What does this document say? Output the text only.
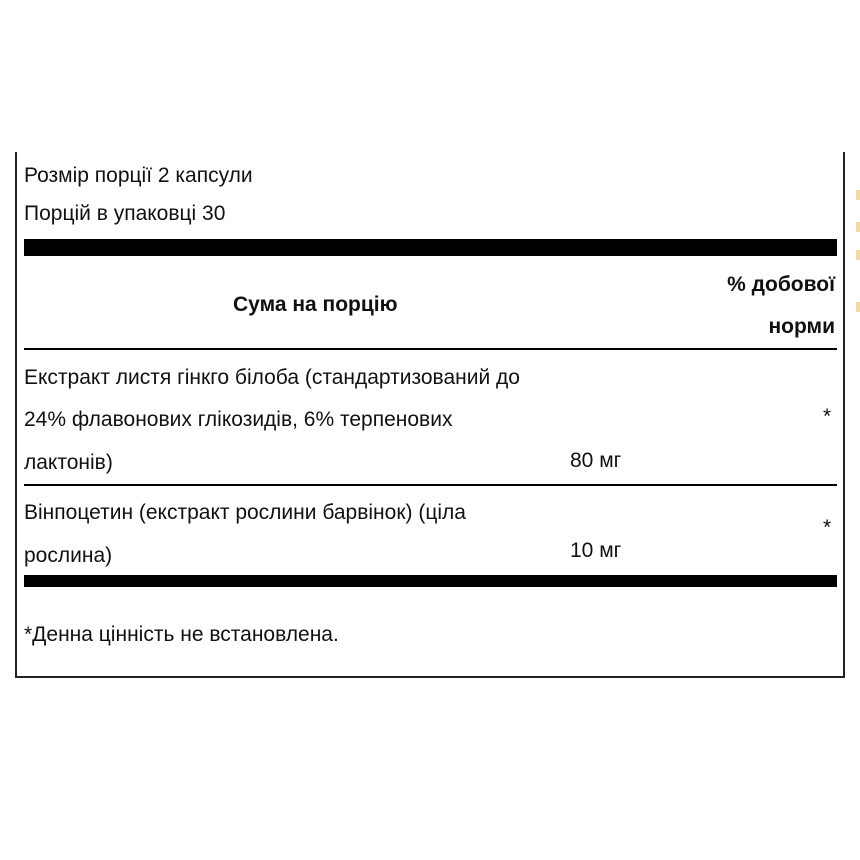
Розмір порції 2 капсули
Порцій в упаковці 30
Сума на порцію
% добової
норми
Екстракт листя гінкго білоба (стандартизований до
24% флавонових глікозидів, 6% терпенових
лактонів)	80 мг
*
Вінпоцетин (екстракт рослини барвінок) (ціла
рослина)	10 мг
*
*Денна цінність не встановлена.
